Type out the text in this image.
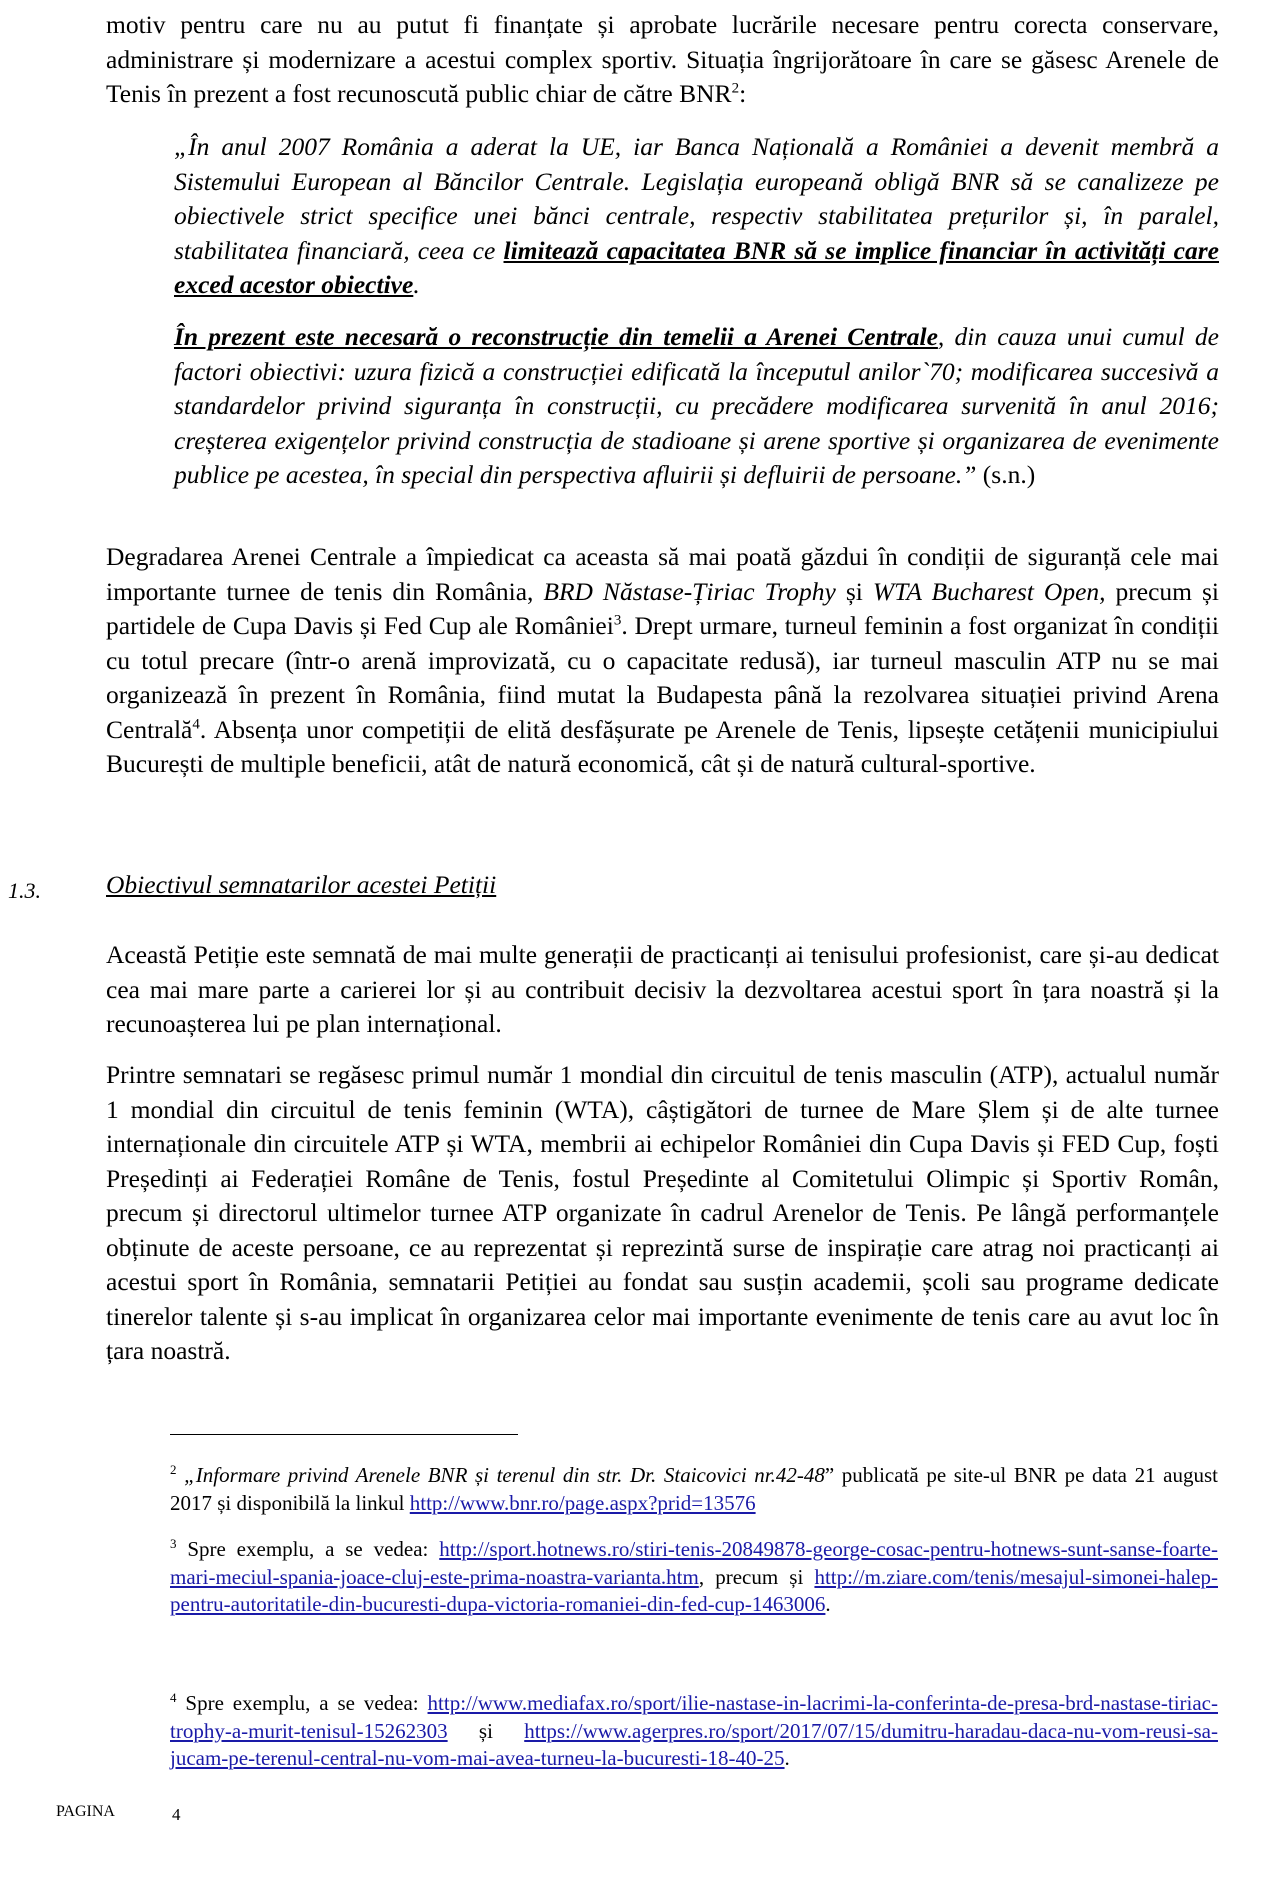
motiv pentru care nu au putut fi finanțate și aprobate lucrările necesare pentru corecta conservare, administrare și modernizare a acestui complex sportiv. Situația îngrijorătoare în care se găsesc Arenele de Tenis în prezent a fost recunoscută public chiar de către BNR$^2$:

„În anul 2007 România a aderat la UE, iar Banca Națională a României a devenit membră a Sistemului European al Băncilor Centrale. Legislația europeană obligă BNR să se canalizeze pe obiectivele strict specifice unei bănci centrale, respectiv stabilitatea prețurilor și, în paralel, stabilitatea financiară, ceea ce limitează capacitatea BNR să se implice financiar în activități care exced acestor obiective.

În prezent este necesară o reconstrucție din temelii a Arenei Centrale, din cauza unui cumul de factori obiectivi: uzura fizică a construcției edificată la începutul anilor`70; modificarea succesivă a standardelor privind siguranța în construcții, cu precădere modificarea survenită în anul 2016; creșterea exigențelor privind construcția de stadioane și arene sportive și organizarea de evenimente publice pe acestea, în special din perspectiva afluirii și defluirii de persoane.” (s.n.)

Degradarea Arenei Centrale a împiedicat ca aceasta să mai poată găzdui în condiții de siguranță cele mai importante turnee de tenis din România, BRD Năstase-Țiriac Trophy și WTA Bucharest Open, precum și partidele de Cupa Davis și Fed Cup ale României$^3$. Drept urmare, turneul feminin a fost organizat în condiții cu totul precare (într-o arenă improvizată, cu o capacitate redusă), iar turneul masculin ATP nu se mai organizează în prezent în România, fiind mutat la Budapesta până la rezolvarea situației privind Arena Centrală$^4$. Absența unor competiții de elită desfășurate pe Arenele de Tenis, lipsește cetățenii municipiului București de multiple beneficii, atât de natură economică, cât și de natură cultural-sportive.

1.3.	Obiectivul semnatarilor acestei Petiții

Această Petiție este semnată de mai multe generații de practicanți ai tenisului profesionist, care și-au dedicat cea mai mare parte a carierei lor și au contribuit decisiv la dezvoltarea acestui sport în țara noastră și la recunoașterea lui pe plan internațional.

Printre semnatari se regăsesc primul număr 1 mondial din circuitul de tenis masculin (ATP), actualul număr 1 mondial din circuitul de tenis feminin (WTA), câștigători de turnee de Mare Șlem și de alte turnee internaționale din circuitele ATP și WTA, membrii ai echipelor României din Cupa Davis și FED Cup, foști Președinți ai Federației Române de Tenis, fostul Președinte al Comitetului Olimpic și Sportiv Român, precum și directorul ultimelor turnee ATP organizate în cadrul Arenelor de Tenis. Pe lângă performanțele obținute de aceste persoane, ce au reprezentat și reprezintă surse de inspirație care atrag noi practicanți ai acestui sport în România, semnatarii Petiției au fondat sau susțin academii, școli sau programe dedicate tinerelor talente și s-au implicat în organizarea celor mai importante evenimente de tenis care au avut loc în țara noastră.

$^2$ „Informare privind Arenele BNR și terenul din str. Dr. Staicovici nr.42-48” publicată pe site-ul BNR pe data 21 august 2017 și disponibilă la linkul http://www.bnr.ro/page.aspx?prid=13576

$^3$ Spre exemplu, a se vedea: http://sport.hotnews.ro/stiri-tenis-20849878-george-cosac-pentru-hotnews-sunt-sanse-foarte-mari-meciul-spania-joace-cluj-este-prima-noastra-varianta.htm, precum și http://m.ziare.com/tenis/mesajul-simonei-halep-pentru-autoritatile-din-bucuresti-dupa-victoria-romaniei-din-fed-cup-1463006.

$^4$ Spre exemplu, a se vedea: http://www.mediafax.ro/sport/ilie-nastase-in-lacrimi-la-conferinta-de-presa-brd-nastase-tiriac-trophy-a-murit-tenisul-15262303 și https://www.agerpres.ro/sport/2017/07/15/dumitru-haradau-daca-nu-vom-reusi-sa-jucam-pe-terenul-central-nu-vom-mai-avea-turneu-la-bucuresti-18-40-25.

PAGINA	4
